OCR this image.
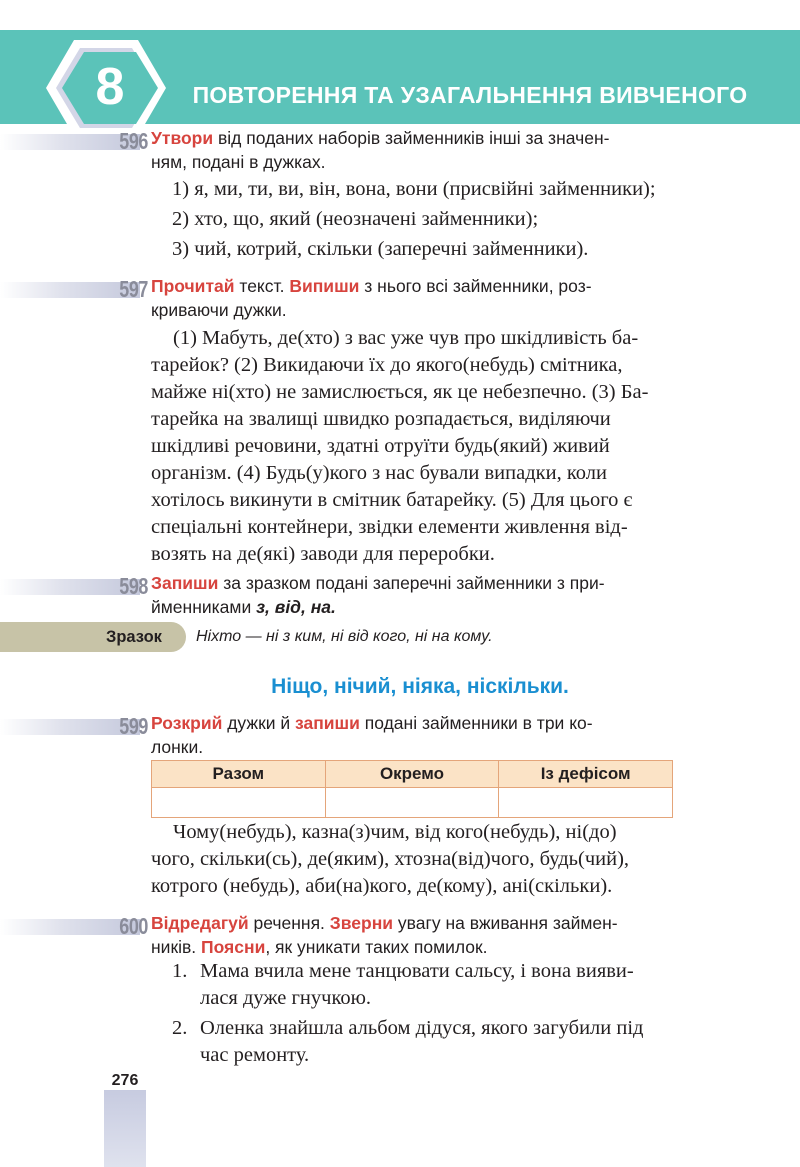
8	ПОВТОРЕННЯ ТА УЗАГАЛЬНЕННЯ ВИВЧЕНОГО
596 Утвори від поданих наборів займенників інші за значен-
ням, подані в дужках.
1) я, ми, ти, ви, він, вона, вони (присвійні займенники);
2) хто, що, який (неозначені займенники);
3) чий, котрий, скільки (заперечні займенники).
597 Прочитай текст. Випиши з нього всі займенники, роз-
криваючи дужки.
(1) Мабуть, де(хто) з вас уже чув про шкідливість ба-
тарейок? (2) Викидаючи їх до якого(небудь) смітника,
майже ні(хто) не замислюється, як це небезпечно. (3) Ба-
тарейка на звалищі швидко розпадається, виділяючи
шкідливі речовини, здатні отруїти будь(який) живий
організм. (4) Будь(у)кого з нас бували випадки, коли
хотілось викинути в смітник батарейку. (5) Для цього є
спеціальні контейнери, звідки елементи живлення від-
возять на де(які) заводи для переробки.
598 Запиши за зразком подані заперечні займенники з при-
йменниками з, від, на.
Зразок Ніхто — ні з ким, ні від кого, ні на кому.
Ніщо, нічий, ніяка, ніскільки.
599 Розкрий дужки й запиши подані займенники в три ко-
лонки.
Разом	Окремо	Із дефісом

Чому(небудь), казна(з)чим, від кого(небудь), ні(до)
чого, скільки(сь), де(яким), хтозна(від)чого, будь(чий),
котрого (небудь), аби(на)кого, де(кому), ані(скільки).
600 Відредагуй речення. Зверни увагу на вживання займен-
ників. Поясни, як уникати таких помилок.
1. Мама вчила мене танцювати сальсу, і вона вияви-
лася дуже гнучкою.
2. Оленка знайшла альбом дідуся, якого загубили під
час ремонту.
276
